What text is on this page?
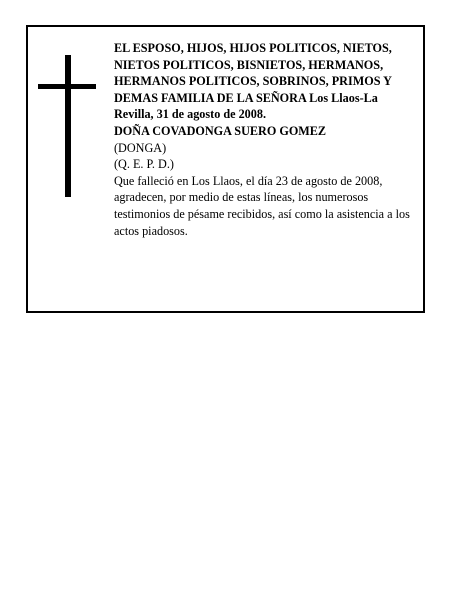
EL ESPOSO, HIJOS, HIJOS POLITICOS, NIETOS, NIETOS POLITICOS, BISNIETOS, HERMANOS, HERMANOS POLITICOS, SOBRINOS, PRIMOS Y DEMAS FAMILIA DE LA SEÑORA Los Llaos-La Revilla, 31 de agosto de 2008.

DOÑA COVADONGA SUERO GOMEZ

(DONGA)

(Q. E. P. D.)

Que falleció en Los Llaos, el día 23 de agosto de 2008, agradecen, por medio de estas líneas, los numerosos testimonios de pésame recibidos, así como la asistencia a los actos piadosos.
